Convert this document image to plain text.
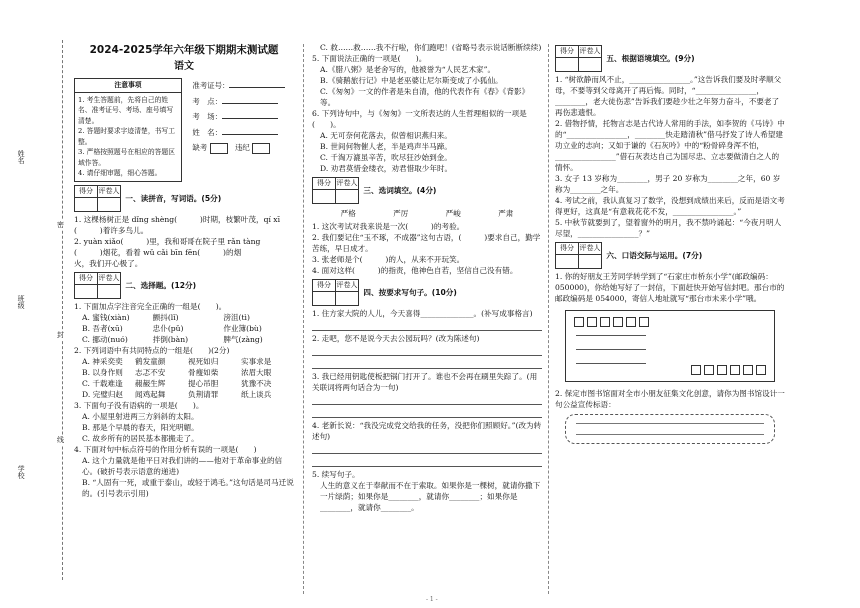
姓名
班级
学校
密
封
线
2024-2025学年六年级下期期末测试题
语文
注意事项

1. 考生答题前，先将自己的姓名、准考证号、考场、座号填写清楚。

2. 答题时要求字迹清楚，书写工整。

3. 严格按照题号在相应的答题区域作答。

4. 请仔细审题，细心答题。

准考证号：
考　点：
考　场：
姓　名：
缺考 　	违纪
得分	评卷人
	一、读拼音，写词语。(5分)

1. 这棵杨树正是 dǐng shèng(　　　)时期，枝繁叶茂，qí xī

(　　　)着许多鸟儿。

2. yuàn xiǎo(　　　)里，我和哥哥在院子里 rǎn tàng

(　　　)烟花，看着 wǔ cǎi bīn fēn(　　　)的烟

火，我们开心极了。

得分	评卷人
	二、选择题。(12分)

1. 下面加点字注音完全正确的一组是(　　)。

A. 蜜钱(xiàn)	颤抖(lǐ)	滂沮(tì)
B. 吾者(xū)	忠仆(pǔ)	作业簿(bù)
C. 挪动(nuó)	拌倒(bàn)	脾气(zàng)

2. 下列词语中有共同特点的一组是(　　)(2分)

A. 神采奕奕	鹤发童颜	视死如归	实事求是
B. 以身作则	志忑不安	骨瘦如柴	浓眉大眼
C. 千载难逢	赧赧生辉	提心吊胆	犹豫不决
D. 完璧归赵	闻鸡起舞	负荆请罪	纸上谈兵

3. 下面句子没有语病的一项是(　　)。

A. 小屋里射进两三方斜斜的太阳。

B. 那是个早晨的春天，阳光明媚。

C. 故乡所有的居民基本都搬走了。

4. 下面对句中标点符号的作用分析有误的一项是(　　)

A. 这个力量就是他平日对我们讲的——他对于革命事业的信心。(破折号表示语意的递进)

B. “人固有一死，或重于泰山，或轻于鸿毛。”这句话是司马迁说的。(引号表示引用)

C. 救……救……我不行啦，你们跑吧！(省略号表示说话断断续续)

5. 下面说法正确的一项是(　　)。

A.《腊八粥》是老舍写的，他被誉为“人民艺术家”。

B.《骑鹅旅行记》中是老巫婆让尼尔斯变成了小狐仙。

C.《匆匆》一文的作者是朱自清，他的代表作有《春》《背影》等。

6. 下列诗句中，与《匆匆》一文所表达的人生哲理相似的一项是(　　)。

A. 无可奈何花落去，似曾相识燕归来。

B. 世间何物催人老，半是鸡声半马蹄。

C. 千淘万漉虽辛苦，吹尽狂沙始到金。

D. 劝君莫惜金缕衣，劝君惜取少年时。

得分	评卷人
	三、选词填空。(4分)
严格	严厉	严峻	严肃

1. 这次考试对我来说是一次(　　　)的考验。

2. 我们要记住“玉不琢，不成器”这句古语，(　　　)要求自己，勤学苦练，早日成才。

3. 张老师是个(　　　)的人，从来不开玩笑。

4. 面对这样(　　　)的指责，他神色自若，坚信自己没有错。

得分	评卷人
	四、按要求写句子。(10分)

1. 住方家大院的人儿，今天喜得______________。(补写成事格言)

2. 走吧，您不是说今天去公园玩吗？(改为陈述句)

3. 我已经用钥匙使板把锅门打开了。谁也不会再在刷里失踪了。(用关联词将两句话合为一句)

4. 老新长说：“我没完成党交给我的任务，没把你们照顾好。”(改为转述句)

5. 续写句子。

人生的意义在于奉献而不在于索取。如果你是一棵树，就请你撒下一片绿荫；如果你是________，就请你________；如果你是________，就请你________。

得分	评卷人
	五、根据语境填空。(9分)

1. “树欲静而风不止，________________。”这告诉我们要及时孝顺父母，不要等到父母离开了再后悔。同时，“________________，________，老大徒伤悲”告诉我们要趁少壮之年努力奋斗，不要老了再伤悲遗恨。

2. 借物抒情，托物言志是古代诗人常用的手法，如李贺的《马诗》中的“________________，________快走踏清秋”借马抒发了诗人希望建功立业的志向；又如于谦的《石灰吟》中的“粉骨碎身浑不怕，________________”借石灰表达自己为国尽忠、立志要做清白之人的情怀。

3. 女子 13 岁称为________，男子 20 岁称为________之年，60 岁称为________之年。

4. 考试之前，我认真复习了数学，没想到成绩出来后，反而是语文考得更好，这真是“有意栽花花不发，________________。”

5. 中秋节就要到了，望着窗外的明月，我不禁吟诵起：“今夜月明人尽望，________________？”

得分	评卷人
	六、口语交际与运用。(7分)

1. 你的好朋友王芳同学转学到了“石家庄市桥东小学”(邮政编码：050000)，你给她写好了一封信，下面赶快开始写信封吧。那台市的邮政编码是 054000，寄信人地址就写“那台市未来小学”哦。

2. 保定市图书馆面对全市小朋友征集文化创意，请你为图书馆设计一句公益宣传标语：

- 1 -
